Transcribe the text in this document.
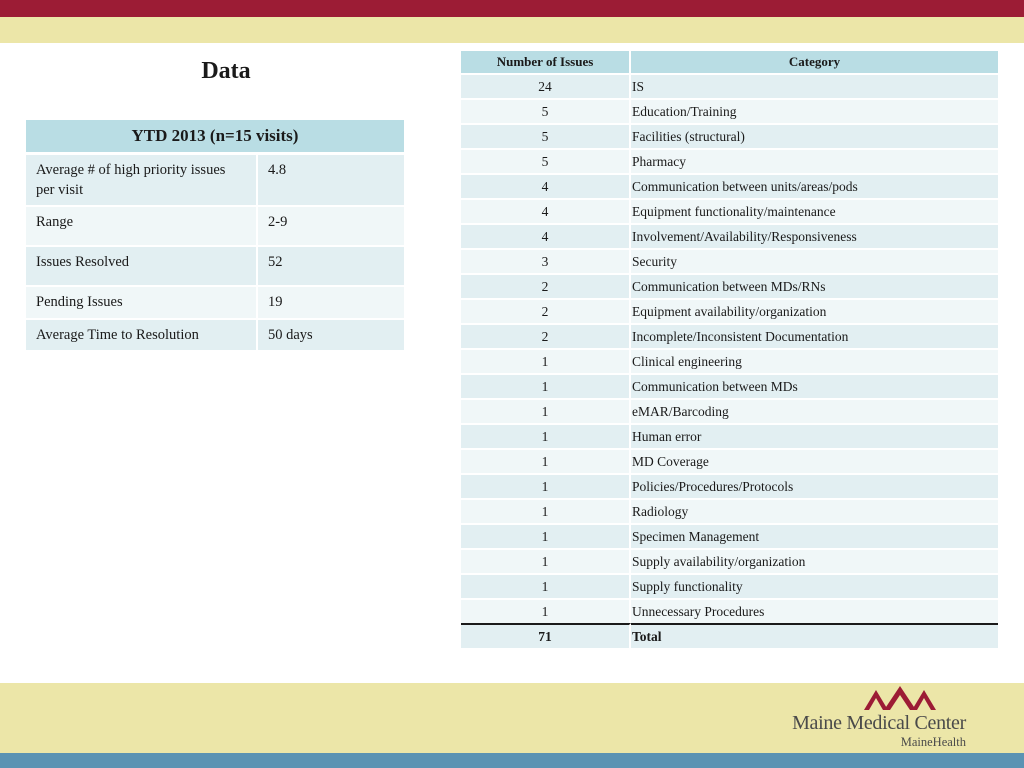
Data
YTD 2013 (n=15 visits)	
Average # of high priority issues per visit	4.8
Range	2-9
Issues Resolved	52
Pending Issues	19
Average Time to Resolution	50 days
Number of Issues	Category
24	IS
5	Education/Training
5	Facilities (structural)
5	Pharmacy
4	Communication between units/areas/pods
4	Equipment functionality/maintenance
4	Involvement/Availability/Responsiveness
3	Security
2	Communication between MDs/RNs
2	Equipment availability/organization
2	Incomplete/Inconsistent Documentation
1	Clinical engineering
1	Communication between MDs
1	eMAR/Barcoding
1	Human error
1	MD Coverage
1	Policies/Procedures/Protocols
1	Radiology
1	Specimen Management
1	Supply availability/organization
1	Supply functionality
1	Unnecessary Procedures
71	Total
Maine Medical Center
MaineHealth
